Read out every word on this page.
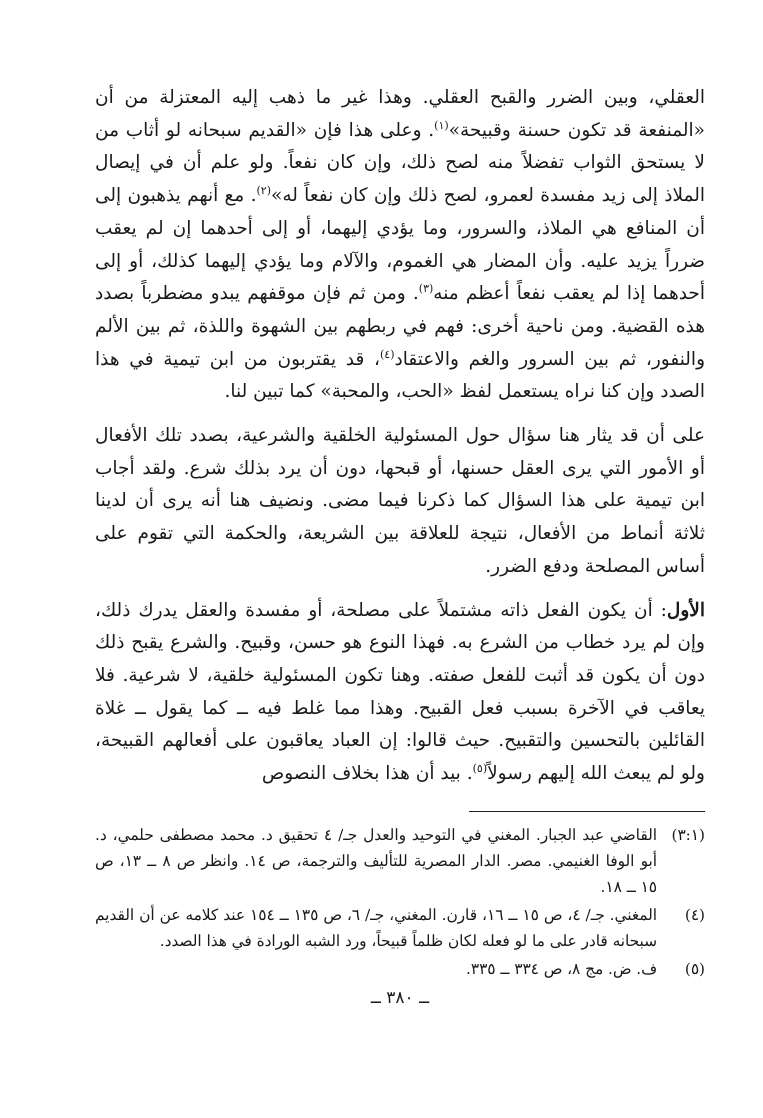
العقلي، وبين الضرر والقبح العقلي. وهذا غير ما ذهب إليه المعتزلة من أن «المنفعة قد تكون حسنة وقبيحة»$^{(١)}$. وعلى هذا فإن «القديم سبحانه لو أثاب من لا يستحق الثواب تفضلاً منه لصح ذلك، وإن كان نفعاً. ولو علم أن في إيصال الملاذ إلى زيد مفسدة لعمرو، لصح ذلك وإن كان نفعاً له»$^{(٢)}$. مع أنهم يذهبون إلى أن المنافع هي الملاذ، والسرور، وما يؤدي إليهما، أو إلى أحدهما إن لم يعقب ضرراً يزيد عليه. وأن المضار هي الغموم، والآلام وما يؤدي إليهما كذلك، أو إلى أحدهما إذا لم يعقب نفعاً أعظم منه$^{(٣)}$. ومن ثم فإن موقفهم يبدو مضطرباً بصدد هذه القضية. ومن ناحية أخرى: فهم في ربطهم بين الشهوة واللذة، ثم بين الألم والنفور، ثم بين السرور والغم والاعتقاد$^{(٤)}$، قد يقتربون من ابن تيمية في هذا الصدد وإن كنا نراه يستعمل لفظ «الحب، والمحبة» كما تبين لنا.

على أن قد يثار هنا سؤال حول المسئولية الخلقية والشرعية، بصدد تلك الأفعال أو الأمور التي يرى العقل حسنها، أو قبحها، دون أن يرد بذلك شرع. ولقد أجاب ابن تيمية على هذا السؤال كما ذكرنا فيما مضى. ونضيف هنا أنه يرى أن لدينا ثلاثة أنماط من الأفعال، نتيجة للعلاقة بين الشريعة، والحكمة التي تقوم على أساس المصلحة ودفع الضرر.

الأول: أن يكون الفعل ذاته مشتملاً على مصلحة، أو مفسدة والعقل يدرك ذلك، وإن لم يرد خطاب من الشرع به. فهذا النوع هو حسن، وقبيح. والشرع يقبح ذلك دون أن يكون قد أثبت للفعل صفته. وهنا تكون المسئولية خلقية، لا شرعية. فلا يعاقب في الآخرة بسبب فعل القبيح. وهذا مما غلط فيه ــ كما يقول ــ غلاة القائلين بالتحسين والتقبيح. حيث قالوا: إن العباد يعاقبون على أفعالهم القبيحة، ولو لم يبعث الله إليهم رسولاً$^{(٥)}$. بيد أن هذا بخلاف النصوص

(٣:١)
القاضي عبد الجبار. المغني في التوحيد والعدل جـ/ ٤ تحقيق د. محمد مصطفى حلمي، د. أبو الوفا الغنيمي. مصر. الدار المصرية للتأليف والترجمة، ص ١٤. وانظر ص ٨ ــ ١٣، ص ١٥ ــ ١٨.
(٤)
المغني. جـ/ ٤، ص ١٥ ــ ١٦، قارن. المغني، جـ/ ٦، ص ١٣٥ ــ ١٥٤ عند كلامه عن أن القديم سبحانه قادر على ما لو فعله لكان ظلماً قبيحاً، ورد الشبه الورادة في هذا الصدد.
(٥)
ف. ض. مج ٨، ص ٣٣٤ ــ ٣٣٥.
ــ ٣٨٠ ــ
